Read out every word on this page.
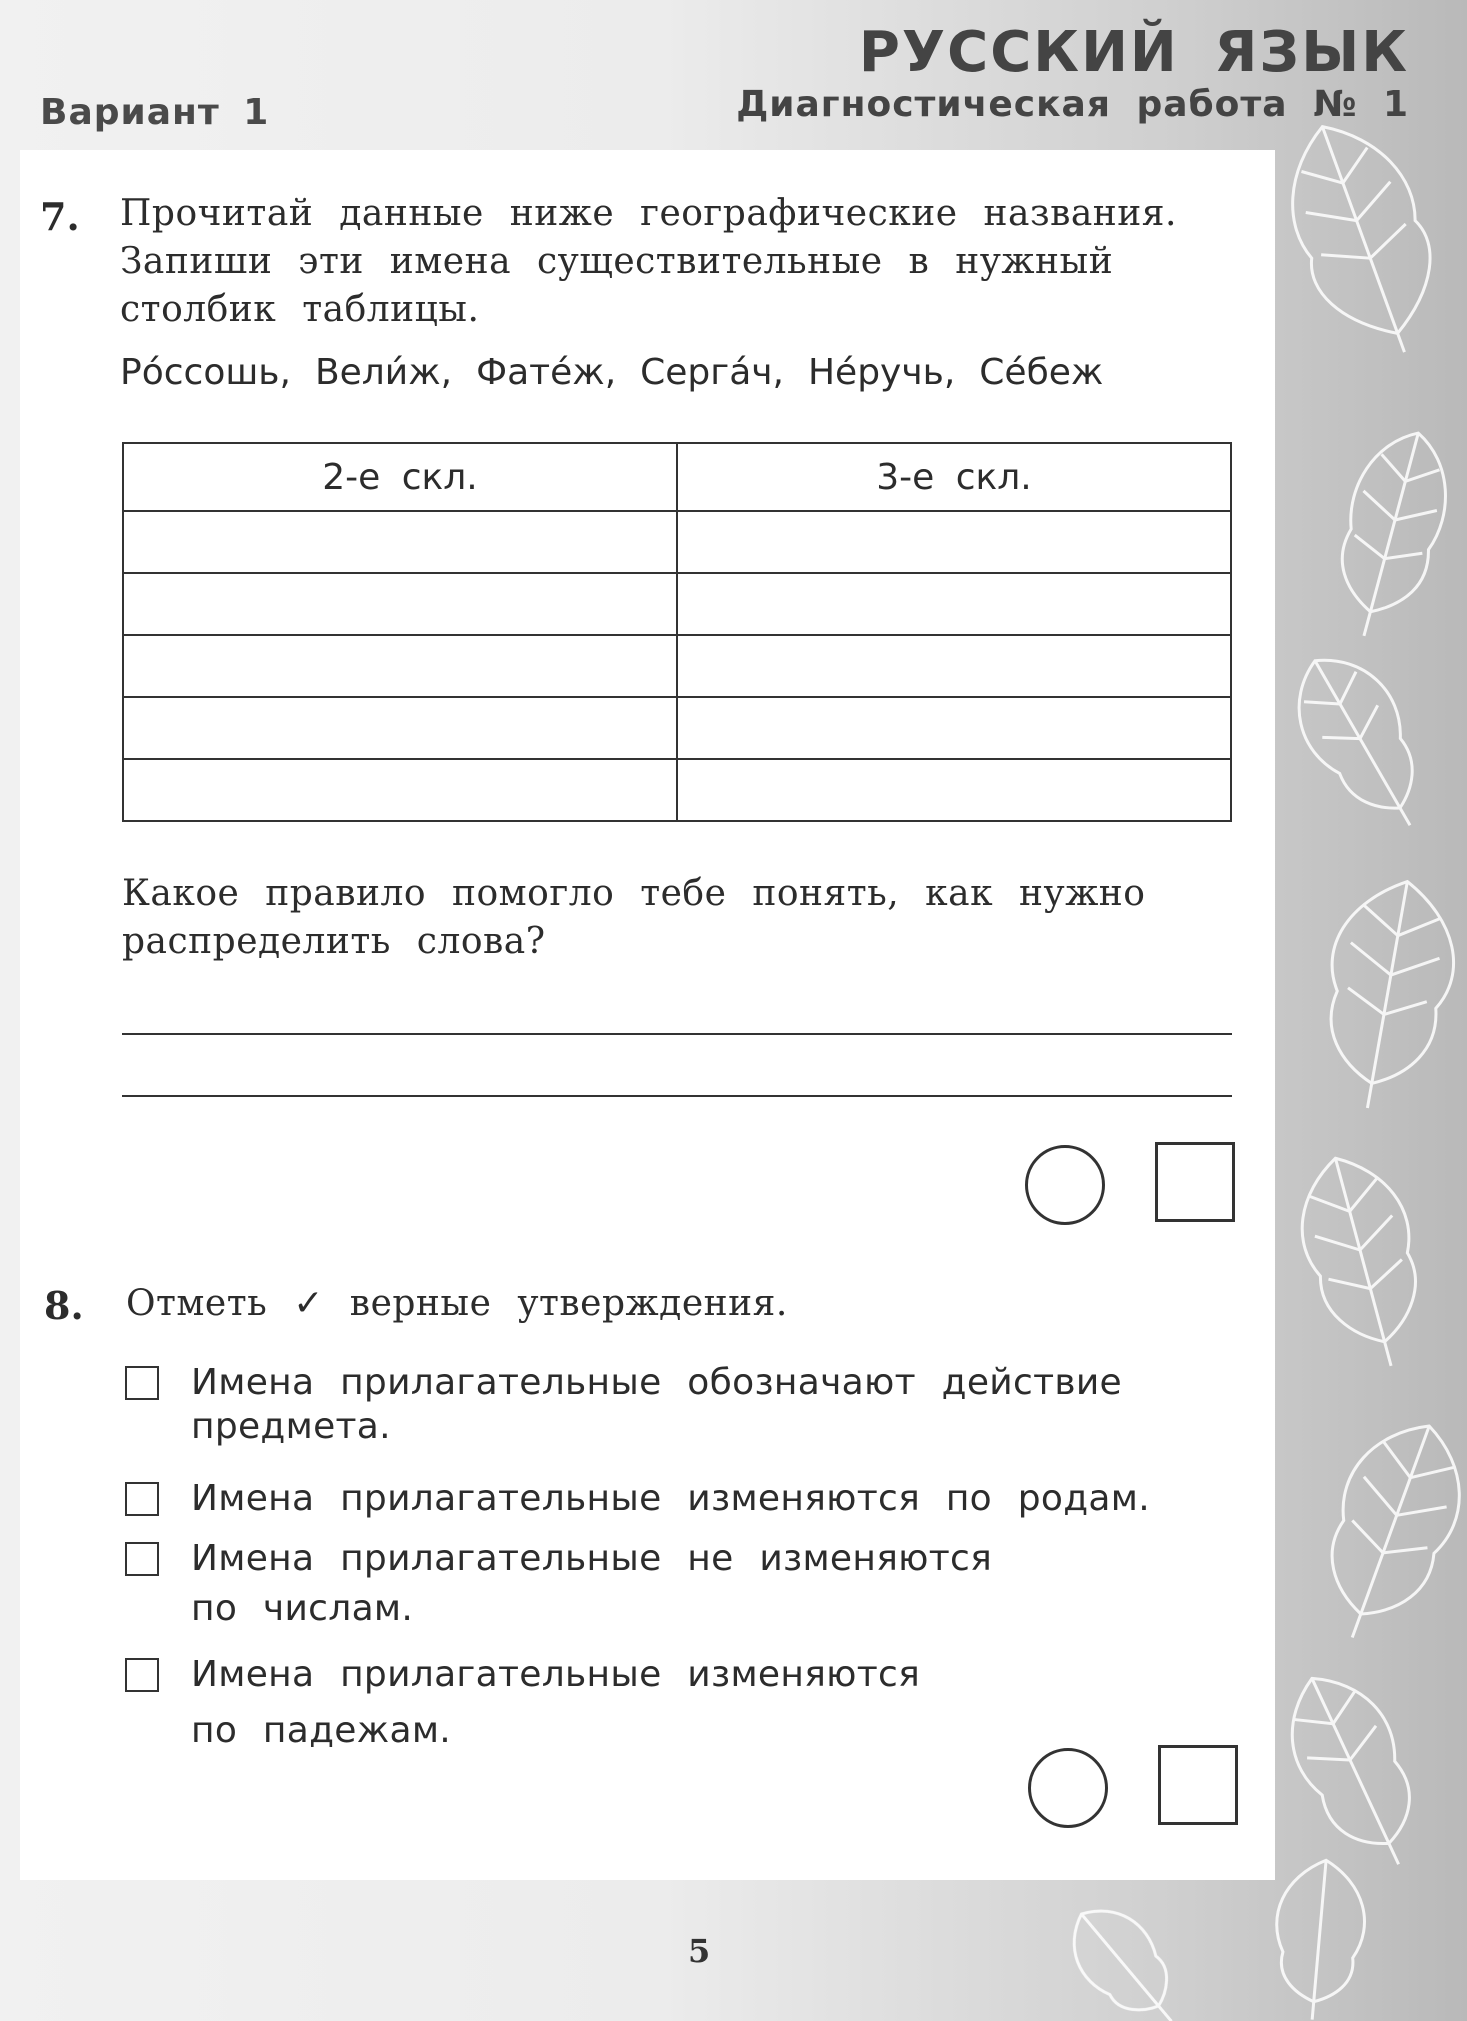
Вариант 1
РУССКИЙ ЯЗЫК
Диагностическая работа № 1
7. Прочитай данные ниже географические названия.
Запиши эти имена существительные в нужный
столбик таблицы.
Ро́ссошь, Вели́ж, Фате́ж, Серга́ч, Не́ручь, Се́беж
2-е скл.	3-е скл.

Какое правило помогло тебе понять, как нужно
распределить слова?
8. Отметь ✓ верные утверждения.
Имена прилагательные обозначают действие
предмета.
Имена прилагательные изменяются по родам.
Имена прилагательные не изменяются
по числам.
Имена прилагательные изменяются
по падежам.
5
